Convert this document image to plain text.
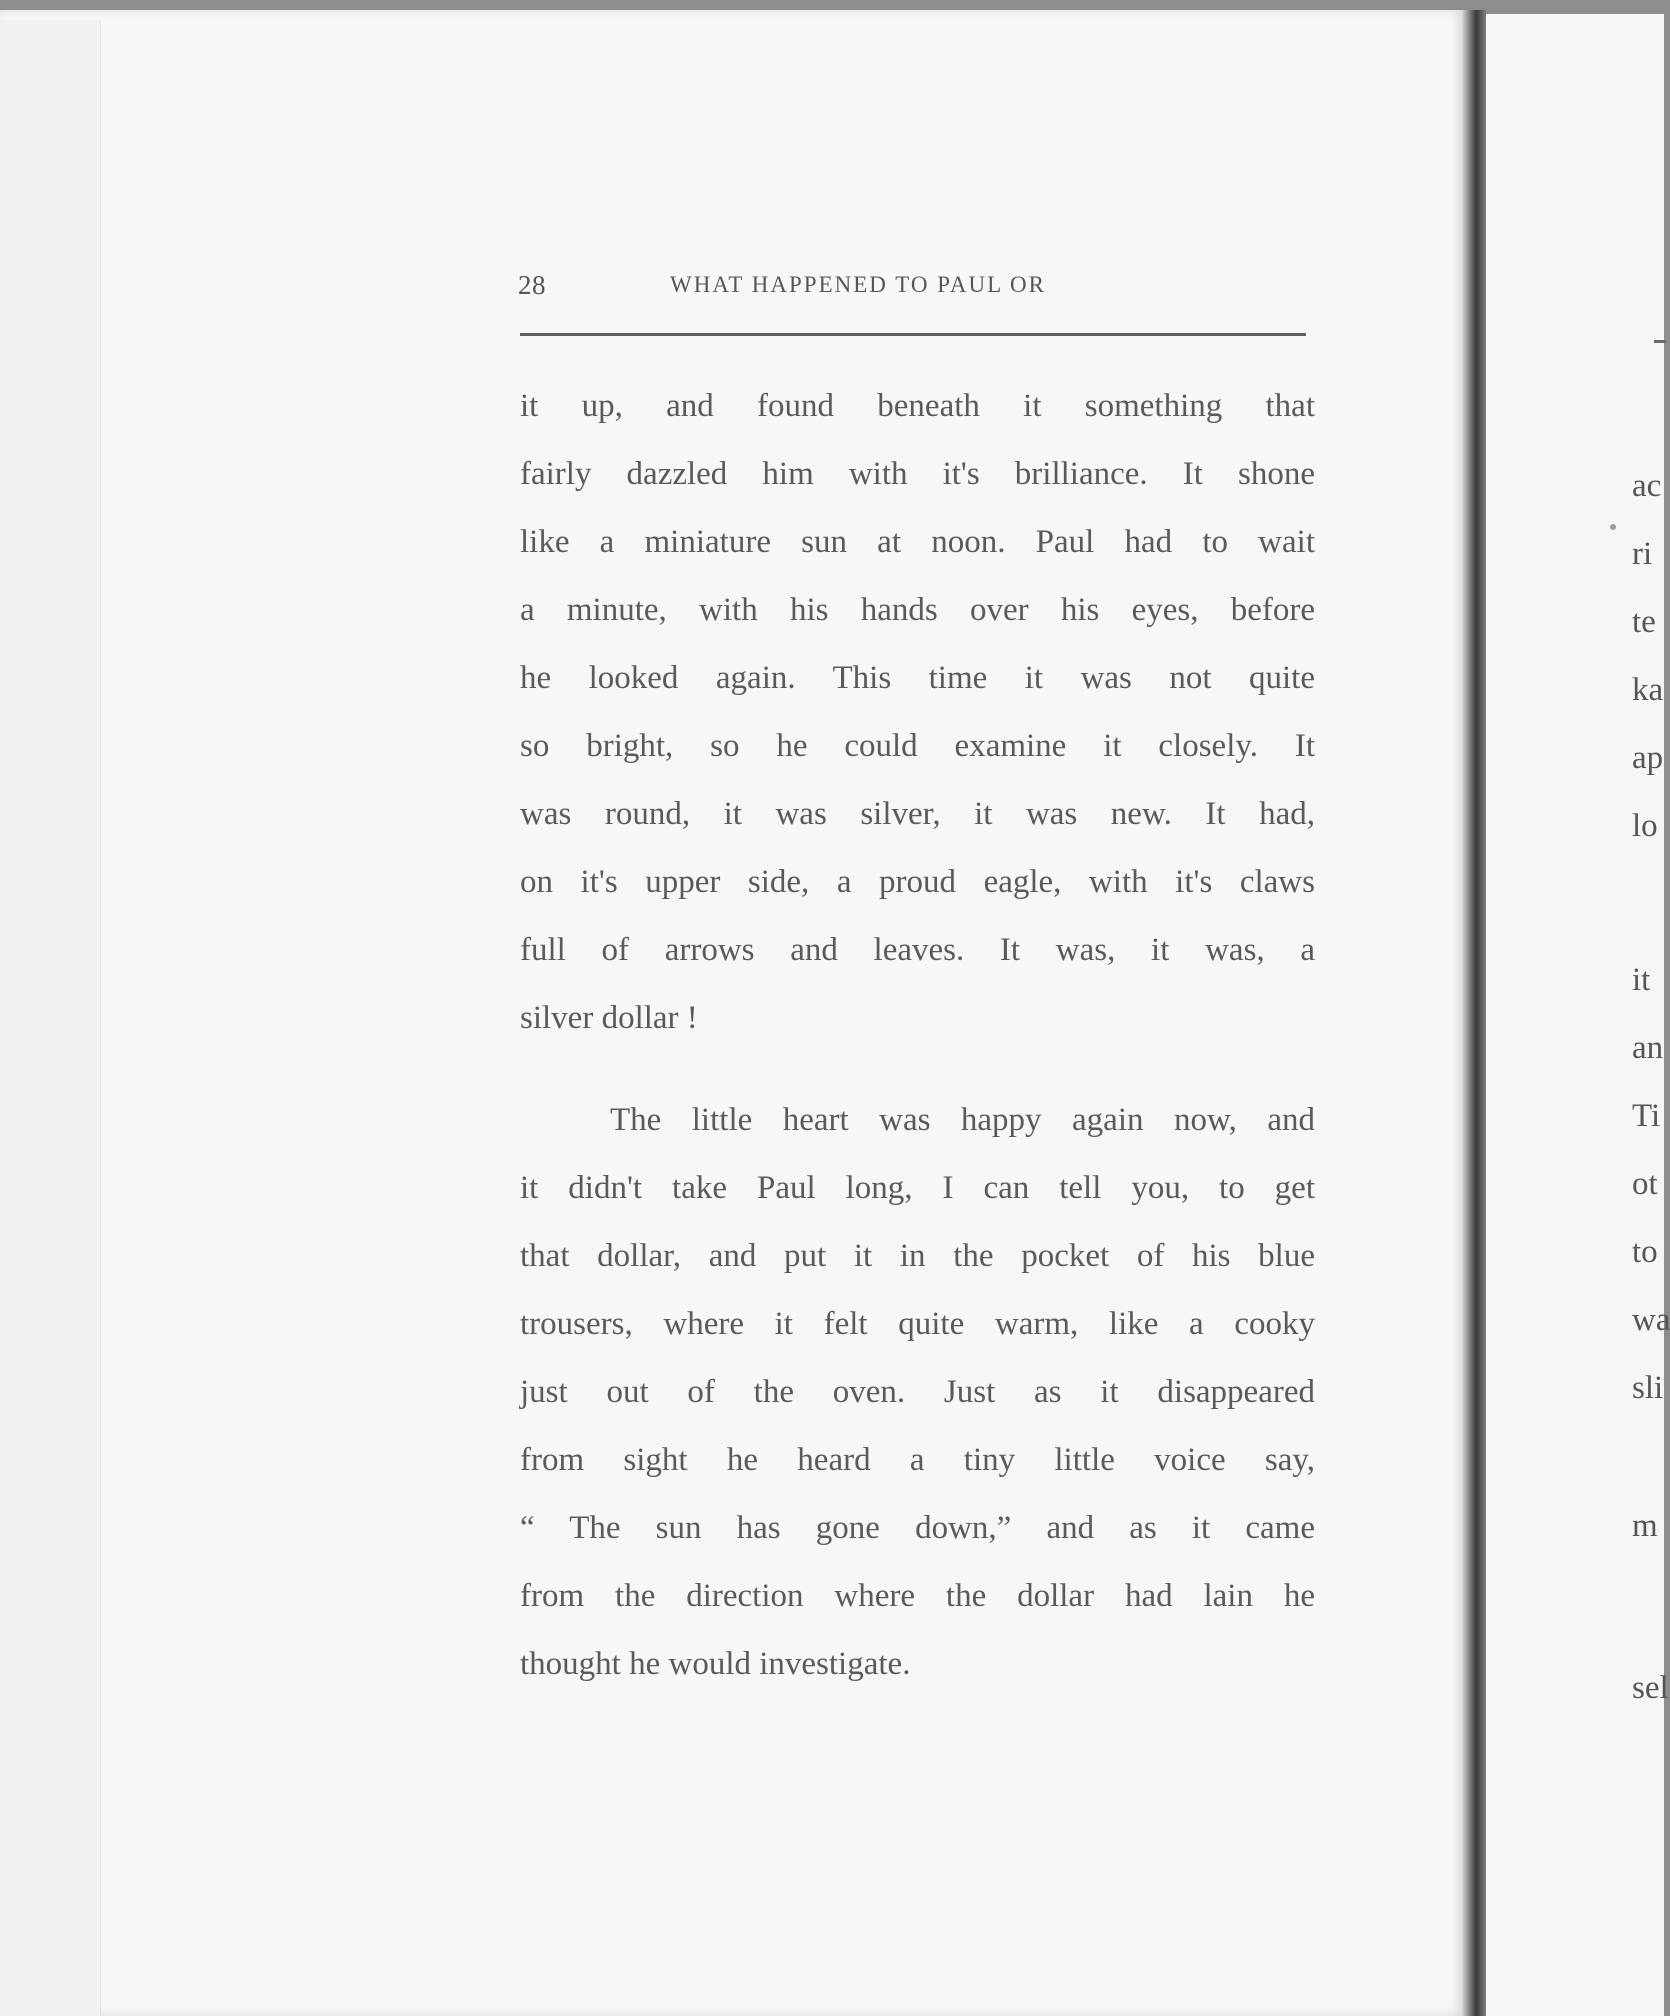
28	WHAT HAPPENED TO PAUL OR
it up, and found beneath it something that
fairly dazzled him with it's brilliance. It shone
like a miniature sun at noon. Paul had to wait
a minute, with his hands over his eyes, before
he looked again. This time it was not quite
so bright, so he could examine it closely. It
was round, it was silver, it was new. It had,
on it's upper side, a proud eagle, with it's claws
full of arrows and leaves. It was, it was, a
silver dollar !
The little heart was happy again now, and
it didn't take Paul long, I can tell you, to get
that dollar, and put it in the pocket of his blue
trousers, where it felt quite warm, like a cooky
just out of the oven. Just as it disappeared
from sight he heard a tiny little voice say,
“ The sun has gone down,” and as it came
from the direction where the dollar had lain he
thought he would investigate.
ac
ri
te
ka
ap
lo
it
an
Ti
ot
to
wa
sli
m
sel
